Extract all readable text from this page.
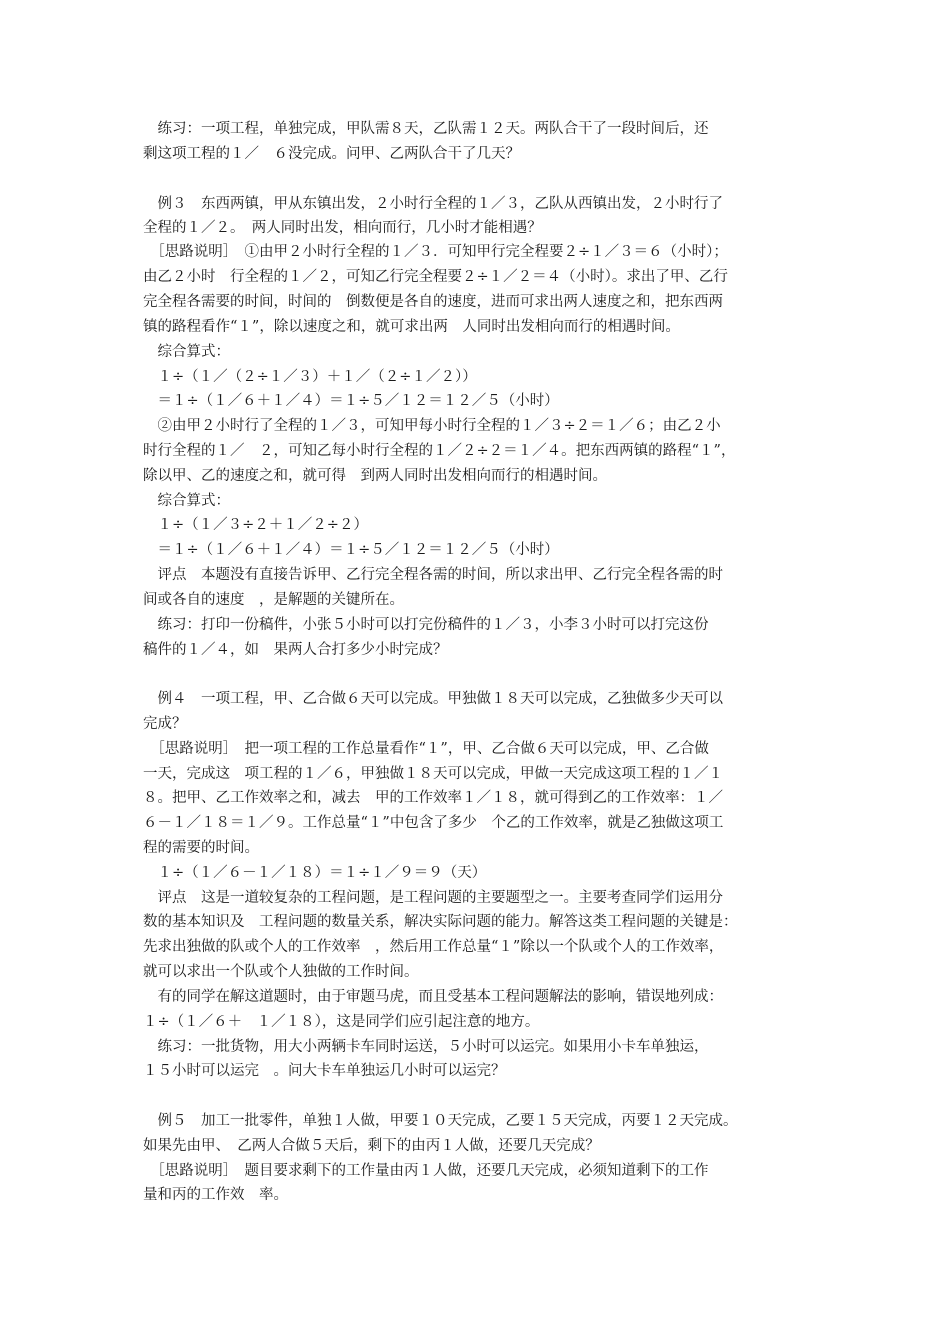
　练习：一项工程，单独完成，甲队需８天，乙队需１２天。两队合干了一段时间后，还
剩这项工程的１／　６没完成。问甲、乙两队合干了几天？
　例３　东西两镇，甲从东镇出发，２小时行全程的１／３，乙队从西镇出发，２小时行了
全程的１／２。　两人同时出发，相向而行，几小时才能相遇？
　［思路说明］　①由甲２小时行全程的１／３．可知甲行完全程要２÷１／３＝６（小时）；
由乙２小时　行全程的１／２，可知乙行完全程要２÷１／２＝４（小时）。求出了甲、乙行
完全程各需要的时间，时间的　倒数便是各自的速度，进而可求出两人速度之和，把东西两
镇的路程看作“１”，除以速度之和，就可求出两　人同时出发相向而行的相遇时间。
　综合算式：
　１÷（１／（２÷１／３）＋１／（２÷１／２））
　＝１÷（１／６＋１／４）＝１÷５／１２＝１２／５（小时）
　②由甲２小时行了全程的１／３，可知甲每小时行全程的１／３÷２＝１／６；由乙２小
时行全程的１／　２，可知乙每小时行全程的１／２÷２＝１／４。把东西两镇的路程“１”，
除以甲、乙的速度之和，就可得　到两人同时出发相向而行的相遇时间。
　综合算式：
　１÷（１／３÷２＋１／２÷２）
　＝１÷（１／６＋１／４）＝１÷５／１２＝１２／５（小时）
　评点　本题没有直接告诉甲、乙行完全程各需的时间，所以求出甲、乙行完全程各需的时
间或各自的速度　，是解题的关键所在。
　练习：打印一份稿件，小张５小时可以打完份稿件的１／３，小李３小时可以打完这份
稿件的１／４，如　果两人合打多少小时完成？
　例４　一项工程，甲、乙合做６天可以完成。甲独做１８天可以完成，乙独做多少天可以
完成？
　［思路说明］　把一项工程的工作总量看作“１”，甲、乙合做６天可以完成，甲、乙合做
一天，完成这　项工程的１／６，甲独做１８天可以完成，甲做一天完成这项工程的１／１
８。把甲、乙工作效率之和，减去　甲的工作效率１／１８，就可得到乙的工作效率：１／
６－１／１８＝１／９。工作总量“１”中包含了多少　个乙的工作效率，就是乙独做这项工
程的需要的时间。
　１÷（１／６－１／１８）＝１÷１／９＝９（天）
　评点　这是一道较复杂的工程问题，是工程问题的主要题型之一。主要考查同学们运用分
数的基本知识及　工程问题的数量关系，解决实际问题的能力。解答这类工程问题的关键是：
先求出独做的队或个人的工作效率　，然后用工作总量“１”除以一个队或个人的工作效率，
就可以求出一个队或个人独做的工作时间。
　有的同学在解这道题时，由于审题马虎，而且受基本工程问题解法的影响，错误地列成：
１÷（１／６＋　１／１８），这是同学们应引起注意的地方。
　练习：一批货物，用大小两辆卡车同时运送，５小时可以运完。如果用小卡车单独运，
１５小时可以运完　。问大卡车单独运几小时可以运完？
　例５　加工一批零件，单独１人做，甲要１０天完成，乙要１５天完成，丙要１２天完成。
如果先由甲、　乙两人合做５天后，剩下的由丙１人做，还要几天完成？
　［思路说明］　题目要求剩下的工作量由丙１人做，还要几天完成，必须知道剩下的工作
量和丙的工作效　率。
